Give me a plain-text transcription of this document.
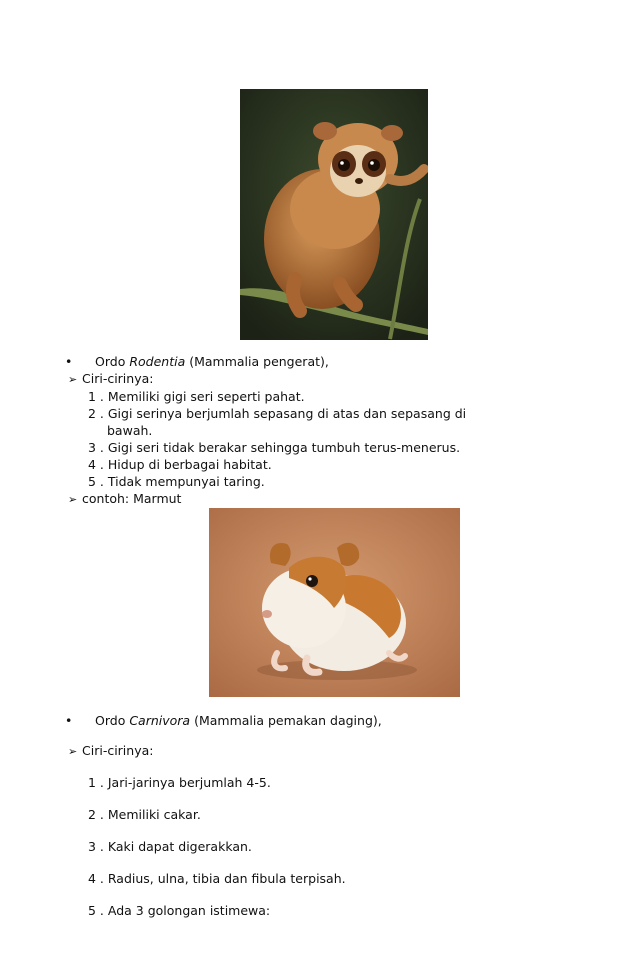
• Ordo Rodentia (Mammalia pengerat),
➢ Ciri-cirinya:
1 . Memiliki gigi seri seperti pahat.
2 . Gigi serinya berjumlah sepasang di atas dan sepasang di
bawah.
3 . Gigi seri tidak berakar sehingga tumbuh terus-menerus.
4 . Hidup di berbagai habitat.
5 . Tidak mempunyai taring.
➢ contoh: Marmut
• Ordo Carnivora (Mammalia pemakan daging),
➢ Ciri-cirinya:
1 . Jari-jarinya berjumlah 4-5.
2 . Memiliki cakar.
3 . Kaki dapat digerakkan.
4 . Radius, ulna, tibia dan fibula terpisah.
5 . Ada 3 golongan istimewa:
